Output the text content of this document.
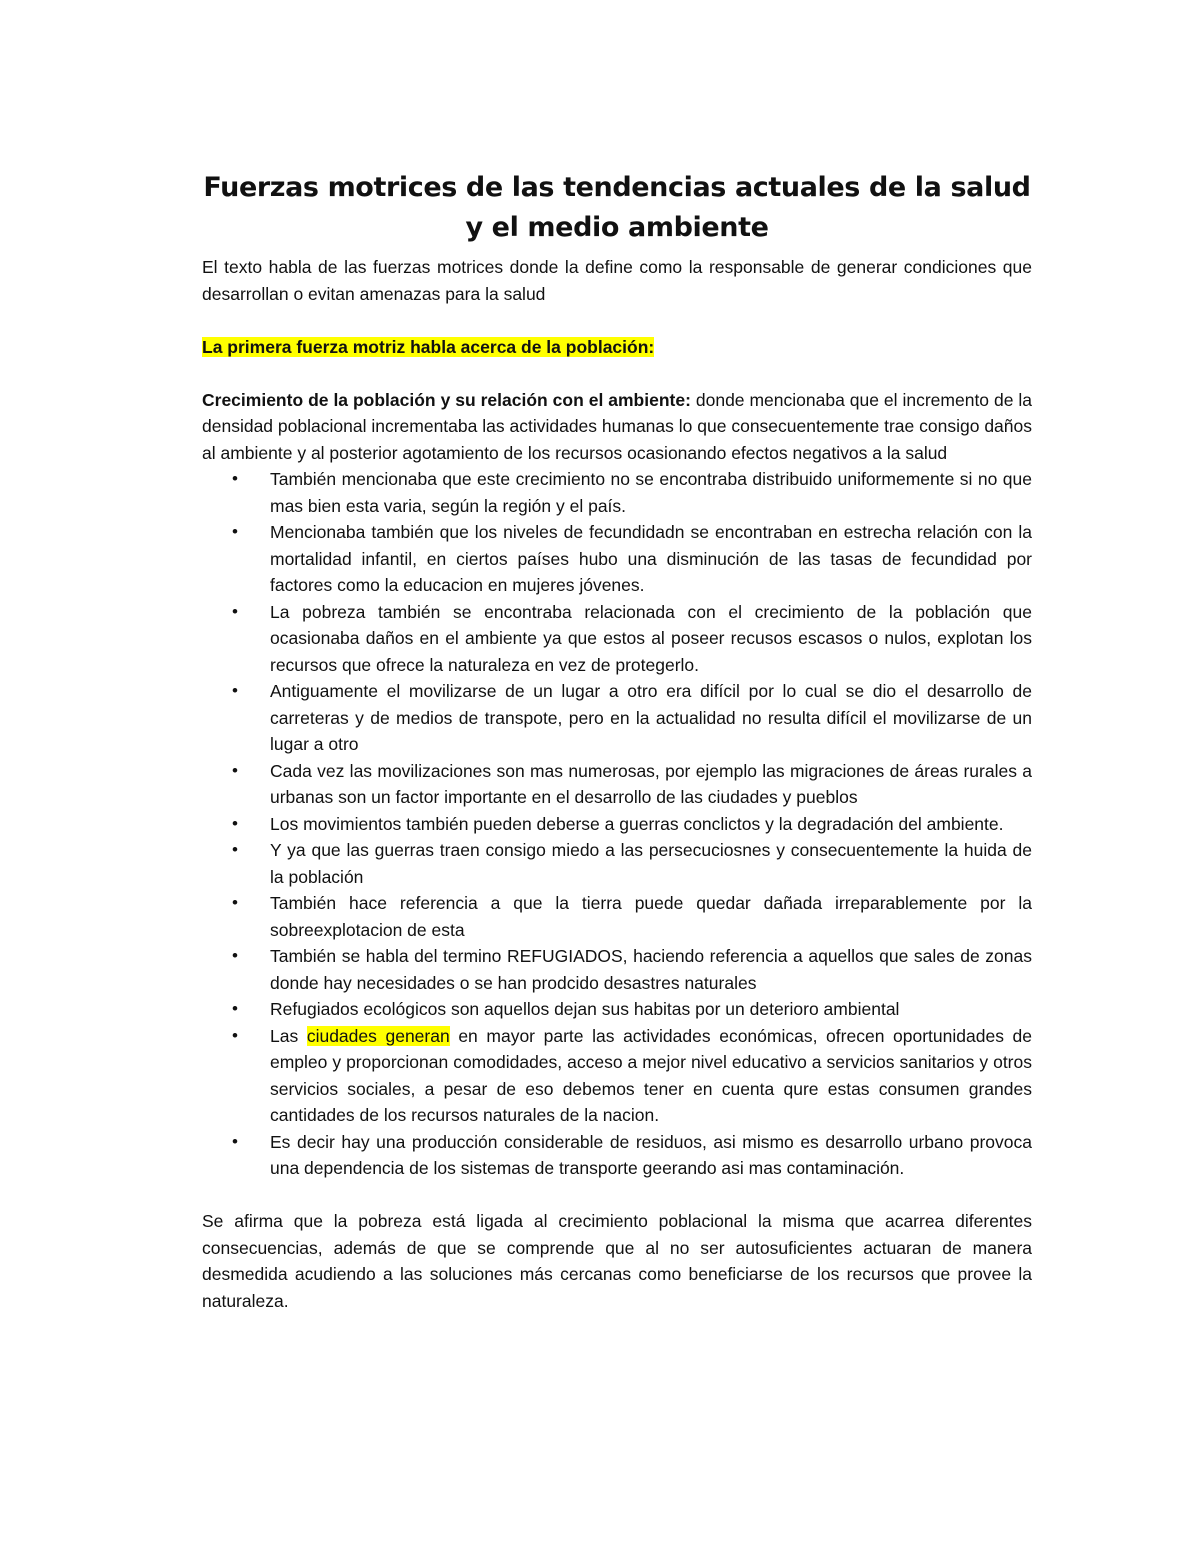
Fuerzas motrices de las tendencias actuales de la salud y el medio ambiente

El texto habla de las fuerzas motrices donde la define como la responsable de generar condiciones que desarrollan o evitan amenazas para la salud

La primera fuerza motriz habla acerca de la población:

Crecimiento de la población y su relación con el ambiente: donde mencionaba que el incremento de la densidad poblacional incrementaba las actividades humanas lo que consecuentemente trae consigo daños al ambiente y al posterior agotamiento de los recursos ocasionando efectos negativos a la salud

• También mencionaba que este crecimiento no se encontraba distribuido uniformemente si no que mas bien esta varia, según la región y el país.
• Mencionaba también que los niveles de fecundidadn se encontraban en estrecha relación con la mortalidad infantil, en ciertos países hubo una disminución de las tasas de fecundidad por factores como la educacion en mujeres jóvenes.
• La pobreza también se encontraba relacionada con el crecimiento de la población que ocasionaba daños en el ambiente ya que estos al poseer recusos escasos o nulos, explotan los recursos que ofrece la naturaleza en vez de protegerlo.
• Antiguamente el movilizarse de un lugar a otro era difícil por lo cual se dio el desarrollo de carreteras y de medios de transpote, pero en la actualidad no resulta difícil el movilizarse de un lugar a otro
• Cada vez las movilizaciones son mas numerosas, por ejemplo las migraciones de áreas rurales a urbanas son un factor importante en el desarrollo de las ciudades y pueblos
• Los movimientos también pueden deberse a guerras conclictos y la degradación del ambiente.
• Y ya que las guerras traen consigo miedo a las persecuciosnes y consecuentemente la huida de la población
• También hace referencia a que la tierra puede quedar dañada irreparablemente por la sobreexplotacion de esta
• También se habla del termino REFUGIADOS, haciendo referencia a aquellos que sales de zonas donde hay necesidades o se han prodcido desastres naturales
• Refugiados ecológicos son aquellos dejan sus habitas por un deterioro ambiental
• Las ciudades generan en mayor parte las actividades económicas, ofrecen oportunidades de empleo y proporcionan comodidades, acceso a mejor nivel educativo a servicios sanitarios y otros servicios sociales, a pesar de eso debemos tener en cuenta qure estas consumen grandes cantidades de los recursos naturales de la nacion.
• Es decir hay una producción considerable de residuos, asi mismo es desarrollo urbano provoca una dependencia de los sistemas de transporte geerando asi mas contaminación.

Se afirma que la pobreza está ligada al crecimiento poblacional la misma que acarrea diferentes consecuencias, además de que se comprende que al no ser autosuficientes actuaran de manera desmedida acudiendo a las soluciones más cercanas como beneficiarse de los recursos que provee la naturaleza.
